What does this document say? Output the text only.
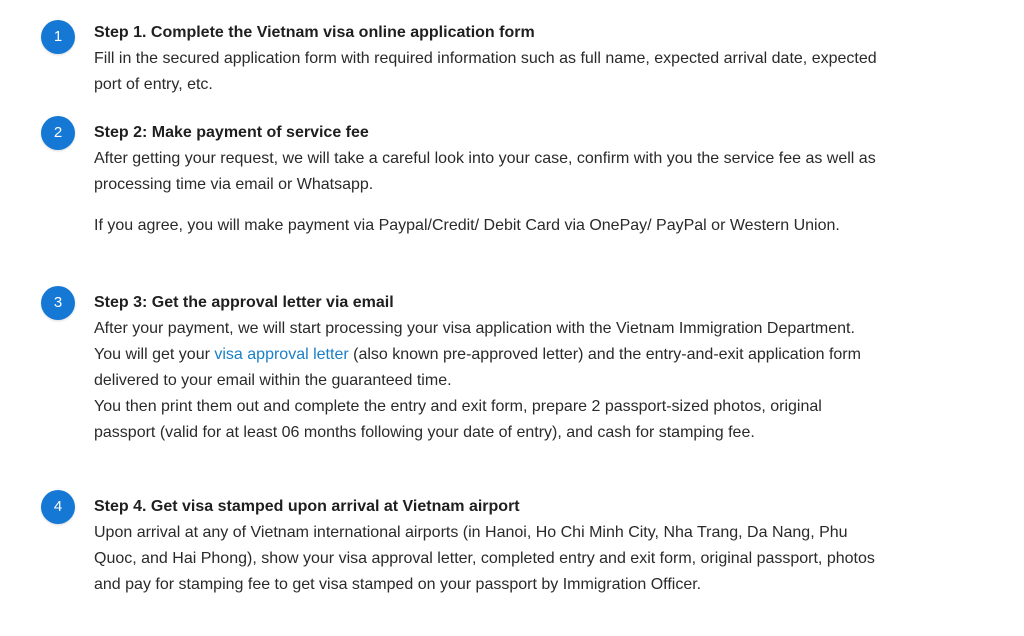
1	Step 1. Complete the Vietnam visa online application form

Fill in the secured application form with required information such as full name, expected arrival date, expected port of entry, etc.

2	Step 2: Make payment of service fee

After getting your request, we will take a careful look into your case, confirm with you the service fee as well as processing time via email or Whatsapp.

If you agree, you will make payment via Paypal/Credit/ Debit Card via OnePay/ PayPal or Western Union.

3	Step 3: Get the approval letter via email

After your payment, we will start processing your visa application with the Vietnam Immigration Department. You will get your visa approval letter (also known pre-approved letter) and the entry-and-exit application form delivered to your email within the guaranteed time.

You then print them out and complete the entry and exit form, prepare 2 passport-sized photos, original passport (valid for at least 06 months following your date of entry), and cash for stamping fee.

4	Step 4. Get visa stamped upon arrival at Vietnam airport

Upon arrival at any of Vietnam international airports (in Hanoi, Ho Chi Minh City, Nha Trang, Da Nang, Phu Quoc, and Hai Phong), show your visa approval letter, completed entry and exit form, original passport, photos and pay for stamping fee to get visa stamped on your passport by Immigration Officer.
